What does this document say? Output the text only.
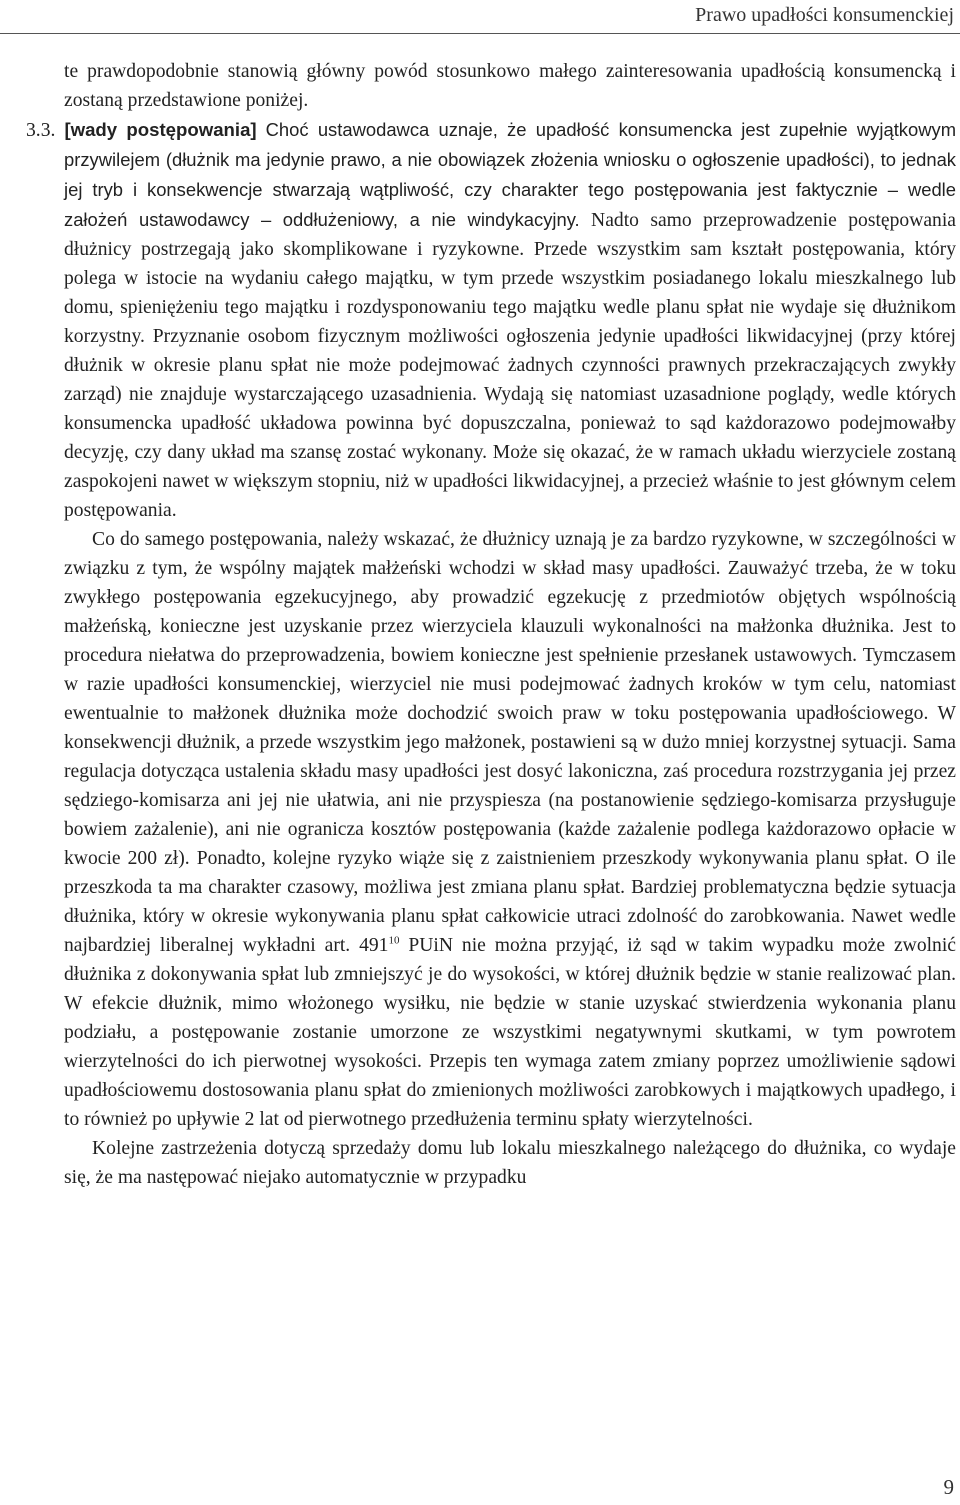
Prawo upadłości konsumenckiej

te prawdopodobnie stanowią główny powód stosunkowo małego zainteresowania upadłością konsumencką i zostaną przedstawione poniżej.

3.3. [wady postępowania] Choć ustawodawca uznaje, że upadłość konsumencka jest zupełnie wyjątkowym przywilejem (dłużnik ma jedynie prawo, a nie obowiązek złożenia wniosku o ogłoszenie upadłości), to jednak jej tryb i konsekwencje stwarzają wątpliwość, czy charakter tego postępowania jest faktycznie – wedle założeń ustawodawcy – oddłużeniowy, a nie windykacyjny. Nadto samo przeprowadzenie postępowania dłużnicy postrzegają jako skomplikowane i ryzykowne. Przede wszystkim sam kształt postępowania, który polega w istocie na wydaniu całego majątku, w tym przede wszystkim posiadanego lokalu mieszkalnego lub domu, spieniężeniu tego majątku i rozdysponowaniu tego majątku wedle planu spłat nie wydaje się dłużnikom korzystny. Przyznanie osobom fizycznym możliwości ogłoszenia jedynie upadłości likwidacyjnej (przy której dłużnik w okresie planu spłat nie może podejmować żadnych czynności prawnych przekraczających zwykły zarząd) nie znajduje wystarczającego uzasadnienia. Wydają się natomiast uzasadnione poglądy, wedle których konsumencka upadłość układowa powinna być dopuszczalna, ponieważ to sąd każdorazowo podejmowałby decyzję, czy dany układ ma szansę zostać wykonany. Może się okazać, że w ramach układu wierzyciele zostaną zaspokojeni nawet w większym stopniu, niż w upadłości likwidacyjnej, a przecież właśnie to jest głównym celem postępowania.

Co do samego postępowania, należy wskazać, że dłużnicy uznają je za bardzo ryzykowne, w szczególności w związku z tym, że wspólny majątek małżeński wchodzi w skład masy upadłości. Zauważyć trzeba, że w toku zwykłego postępowania egzekucyjnego, aby prowadzić egzekucję z przedmiotów objętych wspólnością małżeńską, konieczne jest uzyskanie przez wierzyciela klauzuli wykonalności na małżonka dłużnika. Jest to procedura niełatwa do przeprowadzenia, bowiem konieczne jest spełnienie przesłanek ustawowych. Tymczasem w razie upadłości konsumenckiej, wierzyciel nie musi podejmować żadnych kroków w tym celu, natomiast ewentualnie to małżonek dłużnika może dochodzić swoich praw w toku postępowania upadłościowego. W konsekwencji dłużnik, a przede wszystkim jego małżonek, postawieni są w dużo mniej korzystnej sytuacji. Sama regulacja dotycząca ustalenia składu masy upadłości jest dosyć lakoniczna, zaś procedura rozstrzygania jej przez sędziego-komisarza ani jej nie ułatwia, ani nie przyspiesza (na postanowienie sędziego-komisarza przysługuje bowiem zażalenie), ani nie ogranicza kosztów postępowania (każde zażalenie podlega każdorazowo opłacie w kwocie 200 zł). Ponadto, kolejne ryzyko wiąże się z zaistnieniem przeszkody wykonywania planu spłat. O ile przeszkoda ta ma charakter czasowy, możliwa jest zmiana planu spłat. Bardziej problematyczna będzie sytuacja dłużnika, który w okresie wykonywania planu spłat całkowicie utraci zdolność do zarobkowania. Nawet wedle najbardziej liberalnej wykładni art. $491^{10}$ PUiN nie można przyjąć, iż sąd w takim wypadku może zwolnić dłużnika z dokonywania spłat lub zmniejszyć je do wysokości, w której dłużnik będzie w stanie realizować plan. W efekcie dłużnik, mimo włożonego wysiłku, nie będzie w stanie uzyskać stwierdzenia wykonania planu podziału, a postępowanie zostanie umorzone ze wszystkimi negatywnymi skutkami, w tym powrotem wierzytelności do ich pierwotnej wysokości. Przepis ten wymaga zatem zmiany poprzez umożliwienie sądowi upadłościowemu dostosowania planu spłat do zmienionych możliwości zarobkowych i majątkowych upadłego, i to również po upływie 2 lat od pierwotnego przedłużenia terminu spłaty wierzytelności.

Kolejne zastrzeżenia dotyczą sprzedaży domu lub lokalu mieszkalnego należącego do dłużnika, co wydaje się, że ma następować niejako automatycznie w przypadku

9
